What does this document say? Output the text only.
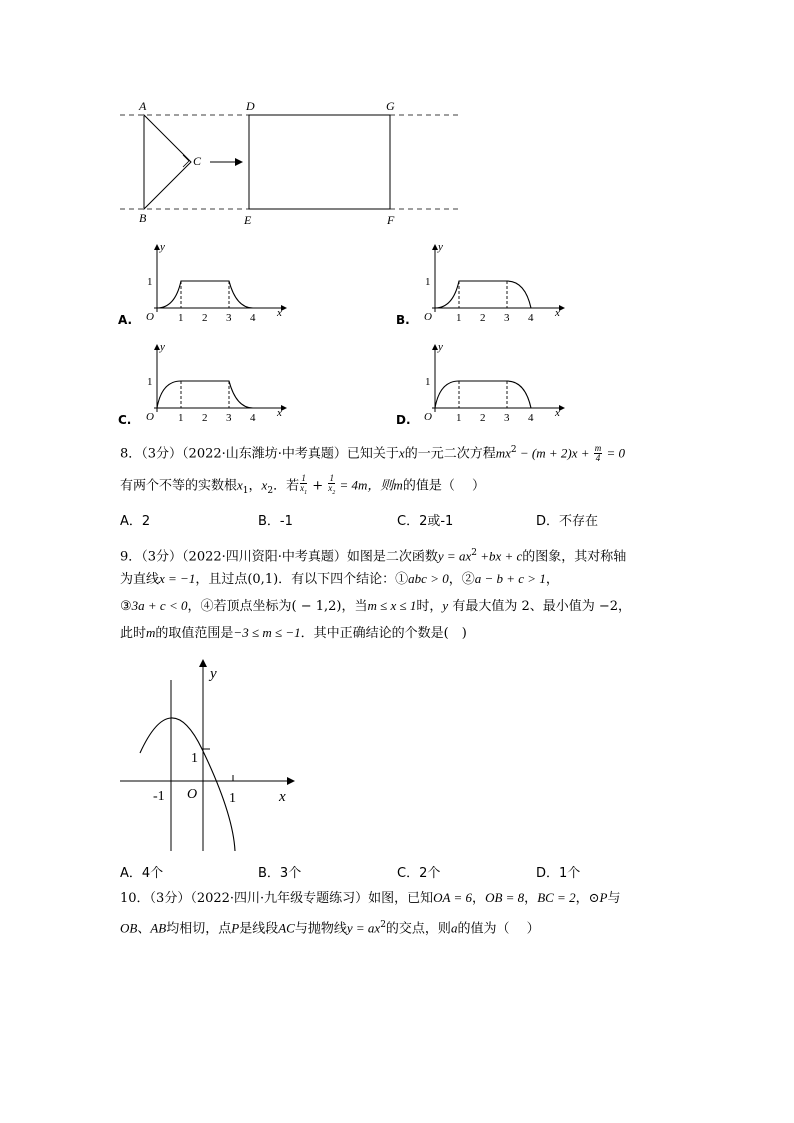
A
B
C
D
E
G
F
A.
y
1
O 1 2 3 4 x	B.
y
1
O 1 2 3 4 x
C.
y
1
O 1 2 3 4 x	D.
y
1
O 1 2 3 4 x
8．（3分）（2022·山东潍坊·中考真题）已知关于x的一元二次方程$mx^2 - (m + 2)x + \frac{m}{4} = 0$
有两个不等的实数根$x_1$，$x_2$．若 $\frac{1}{x_1} + \frac{1}{x_2} = 4m$，则m的值是（　 ）
A．2	B．-1	C．2或-1	D．不存在
9．（3分）（2022·四川资阳·中考真题）如图是二次函数$y = ax^2 +bx + c$的图象，其对称轴
为直线x = −1，且过点(0,1)．有以下四个结论：①abc > 0，②a − b + c > 1，
③3a + c < 0，④若顶点坐标为( − 1,2)，当m ≤ x ≤ 1时，y 有最大值为 2、最小值为 −2，
此时m的取值范围是−3 ≤ m ≤ −1．其中正确结论的个数是(　)
y
x
O
-1
1
1
A．4个	B．3个	C．2个	D．1个
10．（3分）（2022·四川·九年级专题练习）如图，已知OA = 6，OB = 8，BC = 2，⊙P与
OB、AB均相切，点P是线段AC与抛物线$y = ax^2$的交点，则a的值为（　 ）
